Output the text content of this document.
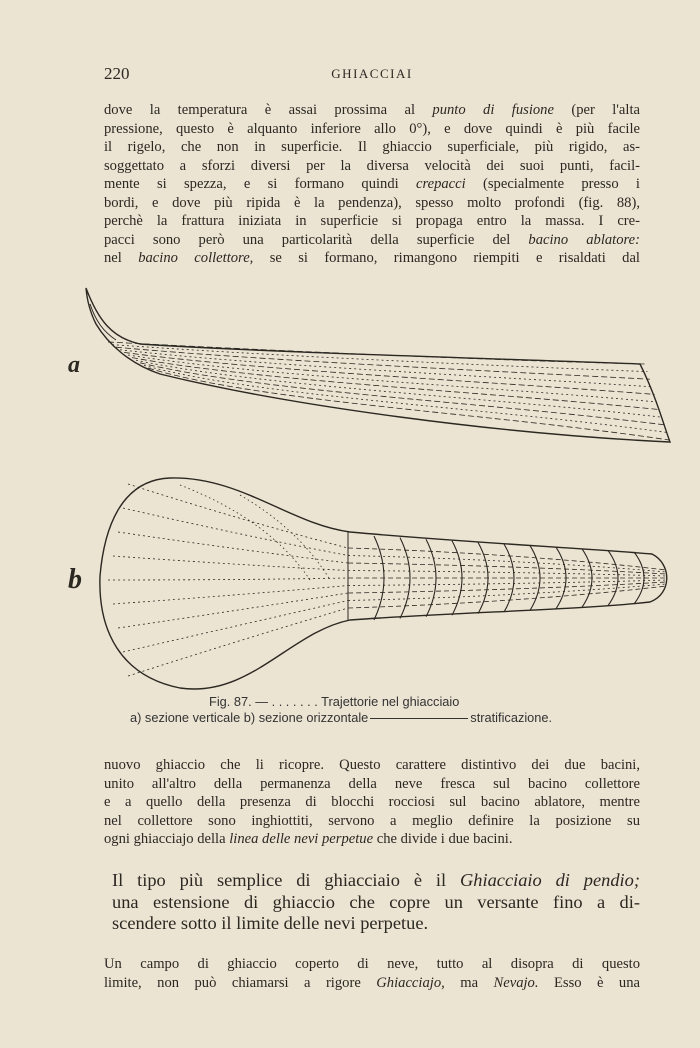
220	GHIACCIAI
dove la temperatura è assai prossima al punto di fusione (per l'alta
pressione, questo è alquanto inferiore allo 0°), e dove quindi è più facile
il rigelo, che non in superficie. Il ghiaccio superficiale, più rigido, as-
soggettato a sforzi diversi per la diversa velocità dei suoi punti, facil-
mente si spezza, e si formano quindi crepacci (specialmente presso i
bordi, e dove più ripida è la pendenza), spesso molto profondi (fig. 88),
perchè la frattura iniziata in superficie si propaga entro la massa. I cre-
pacci sono però una particolarità della superficie del bacino ablatore:
nel bacino collettore, se si formano, rimangono riempiti e risaldati dal
a
b
Fig. 87. — . . . . . . . Trajettorie nel ghiacciaio
a) sezione verticale b) sezione orizzontale	stratificazione.
nuovo ghiaccio che li ricopre. Questo carattere distintivo dei due bacini,
unito all'altro della permanenza della neve fresca sul bacino collettore
e a quello della presenza di blocchi rocciosi sul bacino ablatore, mentre
nel collettore sono inghiottiti, servono a meglio definire la posizione su
ogni ghiacciajo della linea delle nevi perpetue che divide i due bacini.
Il tipo più semplice di ghiacciaio è il Ghiacciaio di pendio;
una estensione di ghiaccio che copre un versante fino a di-
scendere sotto il limite delle nevi perpetue.
Un campo di ghiaccio coperto di neve, tutto al disopra di questo
limite, non può chiamarsi a rigore Ghiacciajo, ma Nevajo. Esso è una
